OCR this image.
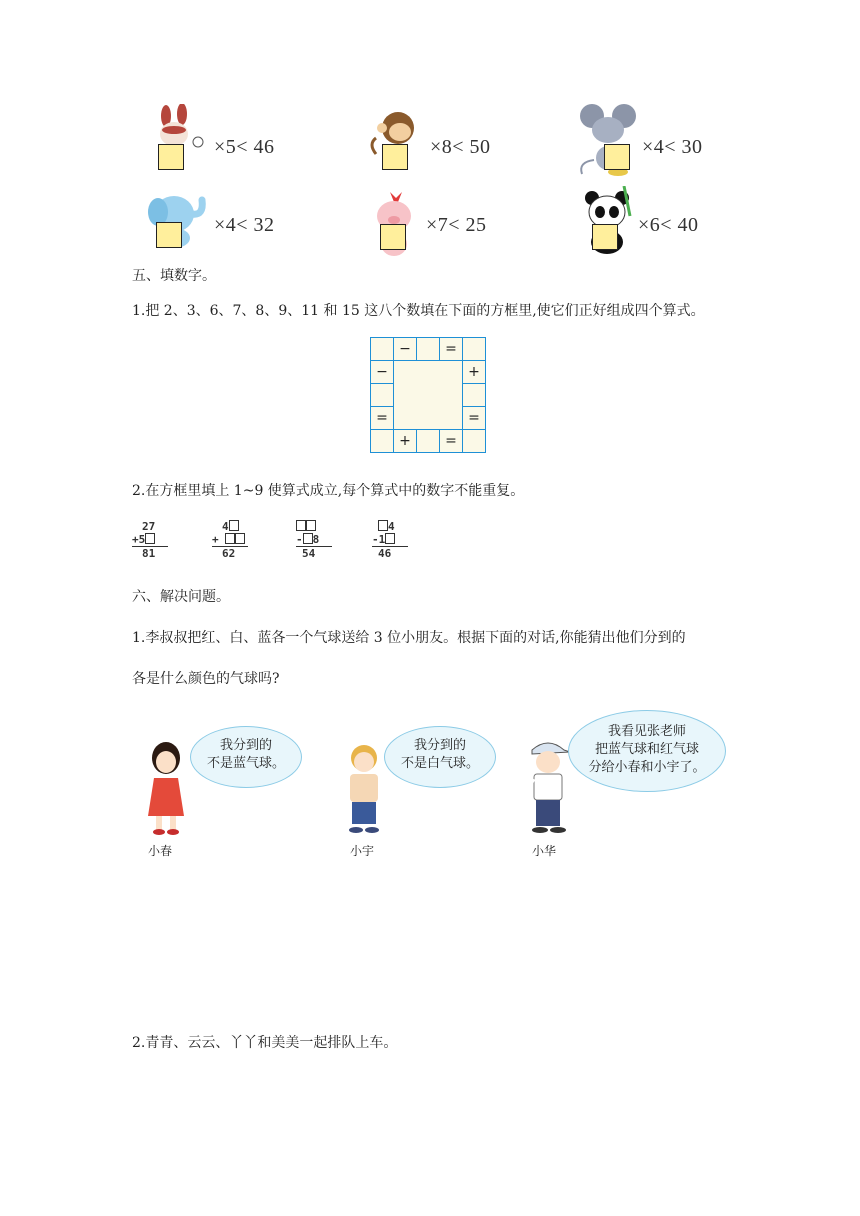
×5< 46	×8< 50	×4< 30
×4< 32	×7< 25	×6< 40
五、填数字。
1.把 2、3、6、7、8、9、11 和 15 这八个数填在下面的方框里,使它们正好组成四个算式。
	−		=	
−				+

=				=
	+		=	
2.在方框里填上 1~9 使算式成立,每个算式中的数字不能重复。
27
+5
81
4
+
62
- 8
54
4
-1
46
六、解决问题。
1.李叔叔把红、白、蓝各一个气球送给 3 位小朋友。根据下面的对话,你能猜出他们分到的
各是什么颜色的气球吗?
我分到的
不是蓝气球。
小春
我分到的
不是白气球。
小宇
我看见张老师
把蓝气球和红气球
分给小春和小宇了。
小华
2.青青、云云、丫丫和美美一起排队上车。
